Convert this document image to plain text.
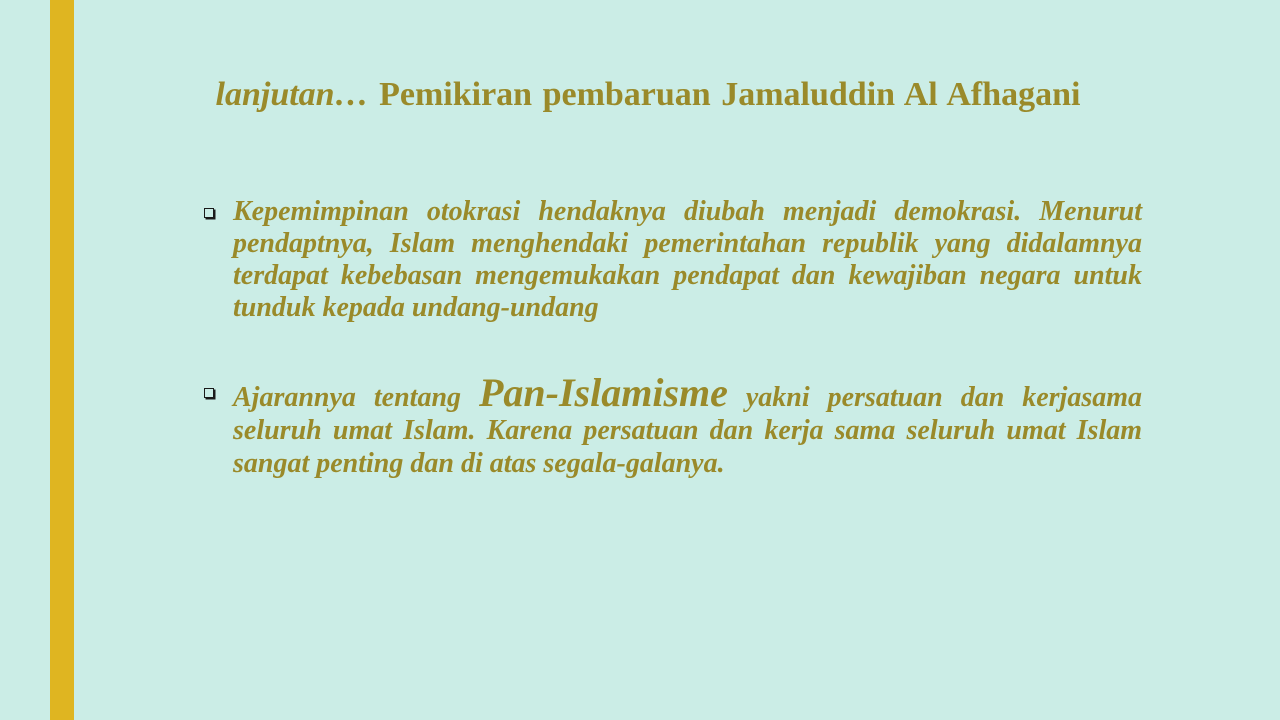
lanjutan… Pemikiran pembaruan Jamaluddin Al Afhagani
Kepemimpinan otokrasi hendaknya diubah menjadi demokrasi. Menurut pendaptnya, Islam menghendaki pemerintahan republik yang didalamnya terdapat kebebasan mengemukakan pendapat dan kewajiban negara untuk tunduk kepada undang-undang
Ajarannya tentang Pan-Islamisme yakni persatuan dan kerjasama seluruh umat Islam. Karena persatuan dan kerja sama seluruh umat Islam sangat penting dan di atas segala-galanya.
